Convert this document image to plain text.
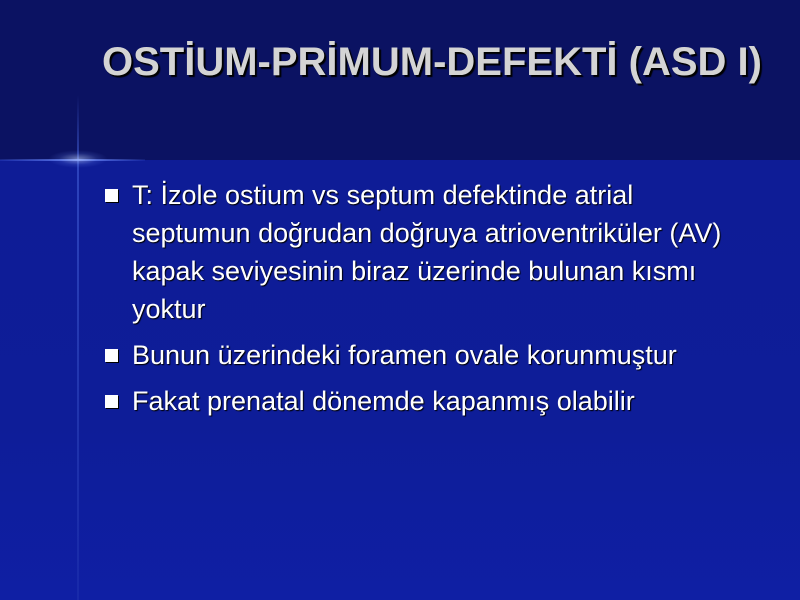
OSTİUM-PRİMUM-DEFEKTİ (ASD I)
T: İzole ostium vs septum defektinde atrial septumun doğrudan doğruya atrioventriküler (AV) kapak seviyesinin biraz üzerinde bulunan kısmı yoktur
Bunun üzerindeki foramen ovale korunmuştur
Fakat prenatal dönemde kapanmış olabilir
